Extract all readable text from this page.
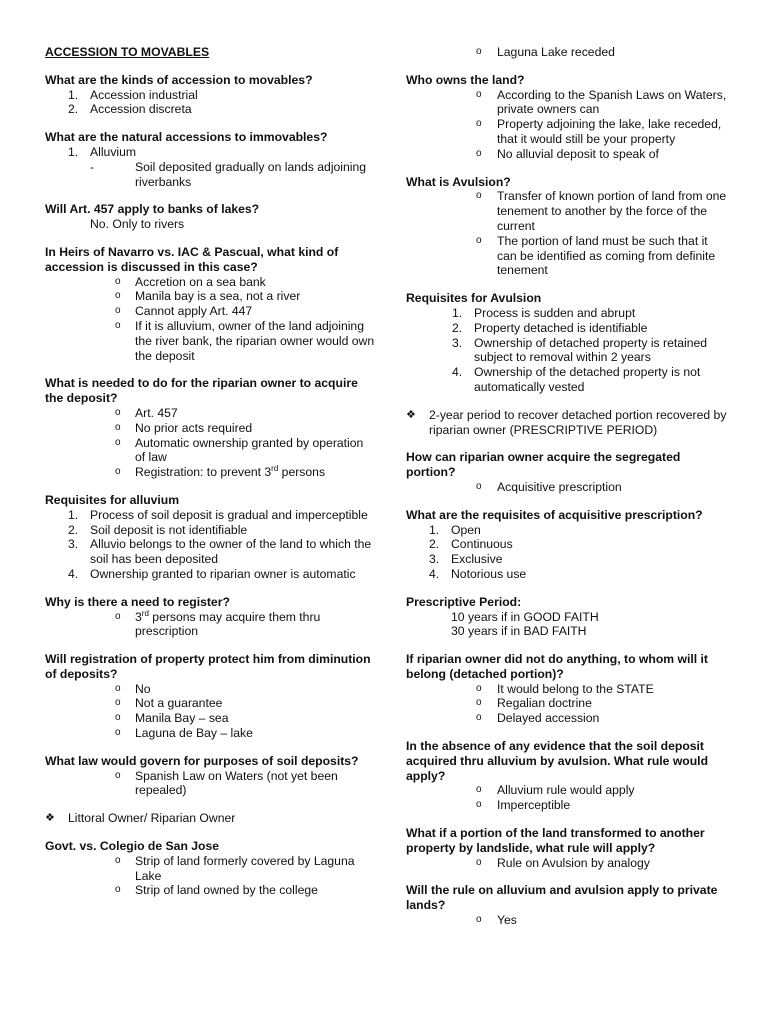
ACCESSION TO MOVABLES
What are the kinds of accession to movables?
1. Accession industrial
2. Accession discreta
What are the natural accessions to immovables?
1. Alluvium
-	Soil deposited gradually on lands adjoining riverbanks
Will Art. 457 apply to banks of lakes?
No. Only to rivers
In Heirs of Navarro vs. IAC & Pascual, what kind of accession is discussed in this case?
o Accretion on a sea bank
o Manila bay is a sea, not a river
o Cannot apply Art. 447
o If it is alluvium, owner of the land adjoining the river bank, the riparian owner would own the deposit
What is needed to do for the riparian owner to acquire the deposit?
o Art. 457
o No prior acts required
o Automatic ownership granted by operation of law
o Registration: to prevent 3rd persons
Requisites for alluvium
1. Process of soil deposit is gradual and imperceptible
2. Soil deposit is not identifiable
3. Alluvio belongs to the owner of the land to which the soil has been deposited
4. Ownership granted to riparian owner is automatic
Why is there a need to register?
o 3rd persons may acquire them thru prescription
Will registration of property protect him from diminution of deposits?
o No
o Not a guarantee
o Manila Bay – sea
o Laguna de Bay – lake
What law would govern for purposes of soil deposits?
o Spanish Law on Waters (not yet been repealed)
❖ Littoral Owner/ Riparian Owner
Govt. vs. Colegio de San Jose
o Strip of land formerly covered by Laguna Lake
o Strip of land owned by the college
o Laguna Lake receded
Who owns the land?
o According to the Spanish Laws on Waters, private owners can
o Property adjoining the lake, lake receded, that it would still be your property
o No alluvial deposit to speak of
What is Avulsion?
o Transfer of known portion of land from one tenement to another by the force of the current
o The portion of land must be such that it can be identified as coming from definite tenement
Requisites for Avulsion
1. Process is sudden and abrupt
2. Property detached is identifiable
3. Ownership of detached property is retained subject to removal within 2 years
4. Ownership of the detached property is not automatically vested
❖ 2-year period to recover detached portion recovered by riparian owner (PRESCRIPTIVE PERIOD)
How can riparian owner acquire the segregated portion?
o Acquisitive prescription
What are the requisites of acquisitive prescription?
1. Open
2. Continuous
3. Exclusive
4. Notorious use
Prescriptive Period:
10 years if in GOOD FAITH
30 years if in BAD FAITH
If riparian owner did not do anything, to whom will it belong (detached portion)?
o It would belong to the STATE
o Regalian doctrine
o Delayed accession
In the absence of any evidence that the soil deposit acquired thru alluvium by avulsion. What rule would apply?
o Alluvium rule would apply
o Imperceptible
What if a portion of the land transformed to another property by landslide, what rule will apply?
o Rule on Avulsion by analogy
Will the rule on alluvium and avulsion apply to private lands?
o Yes
